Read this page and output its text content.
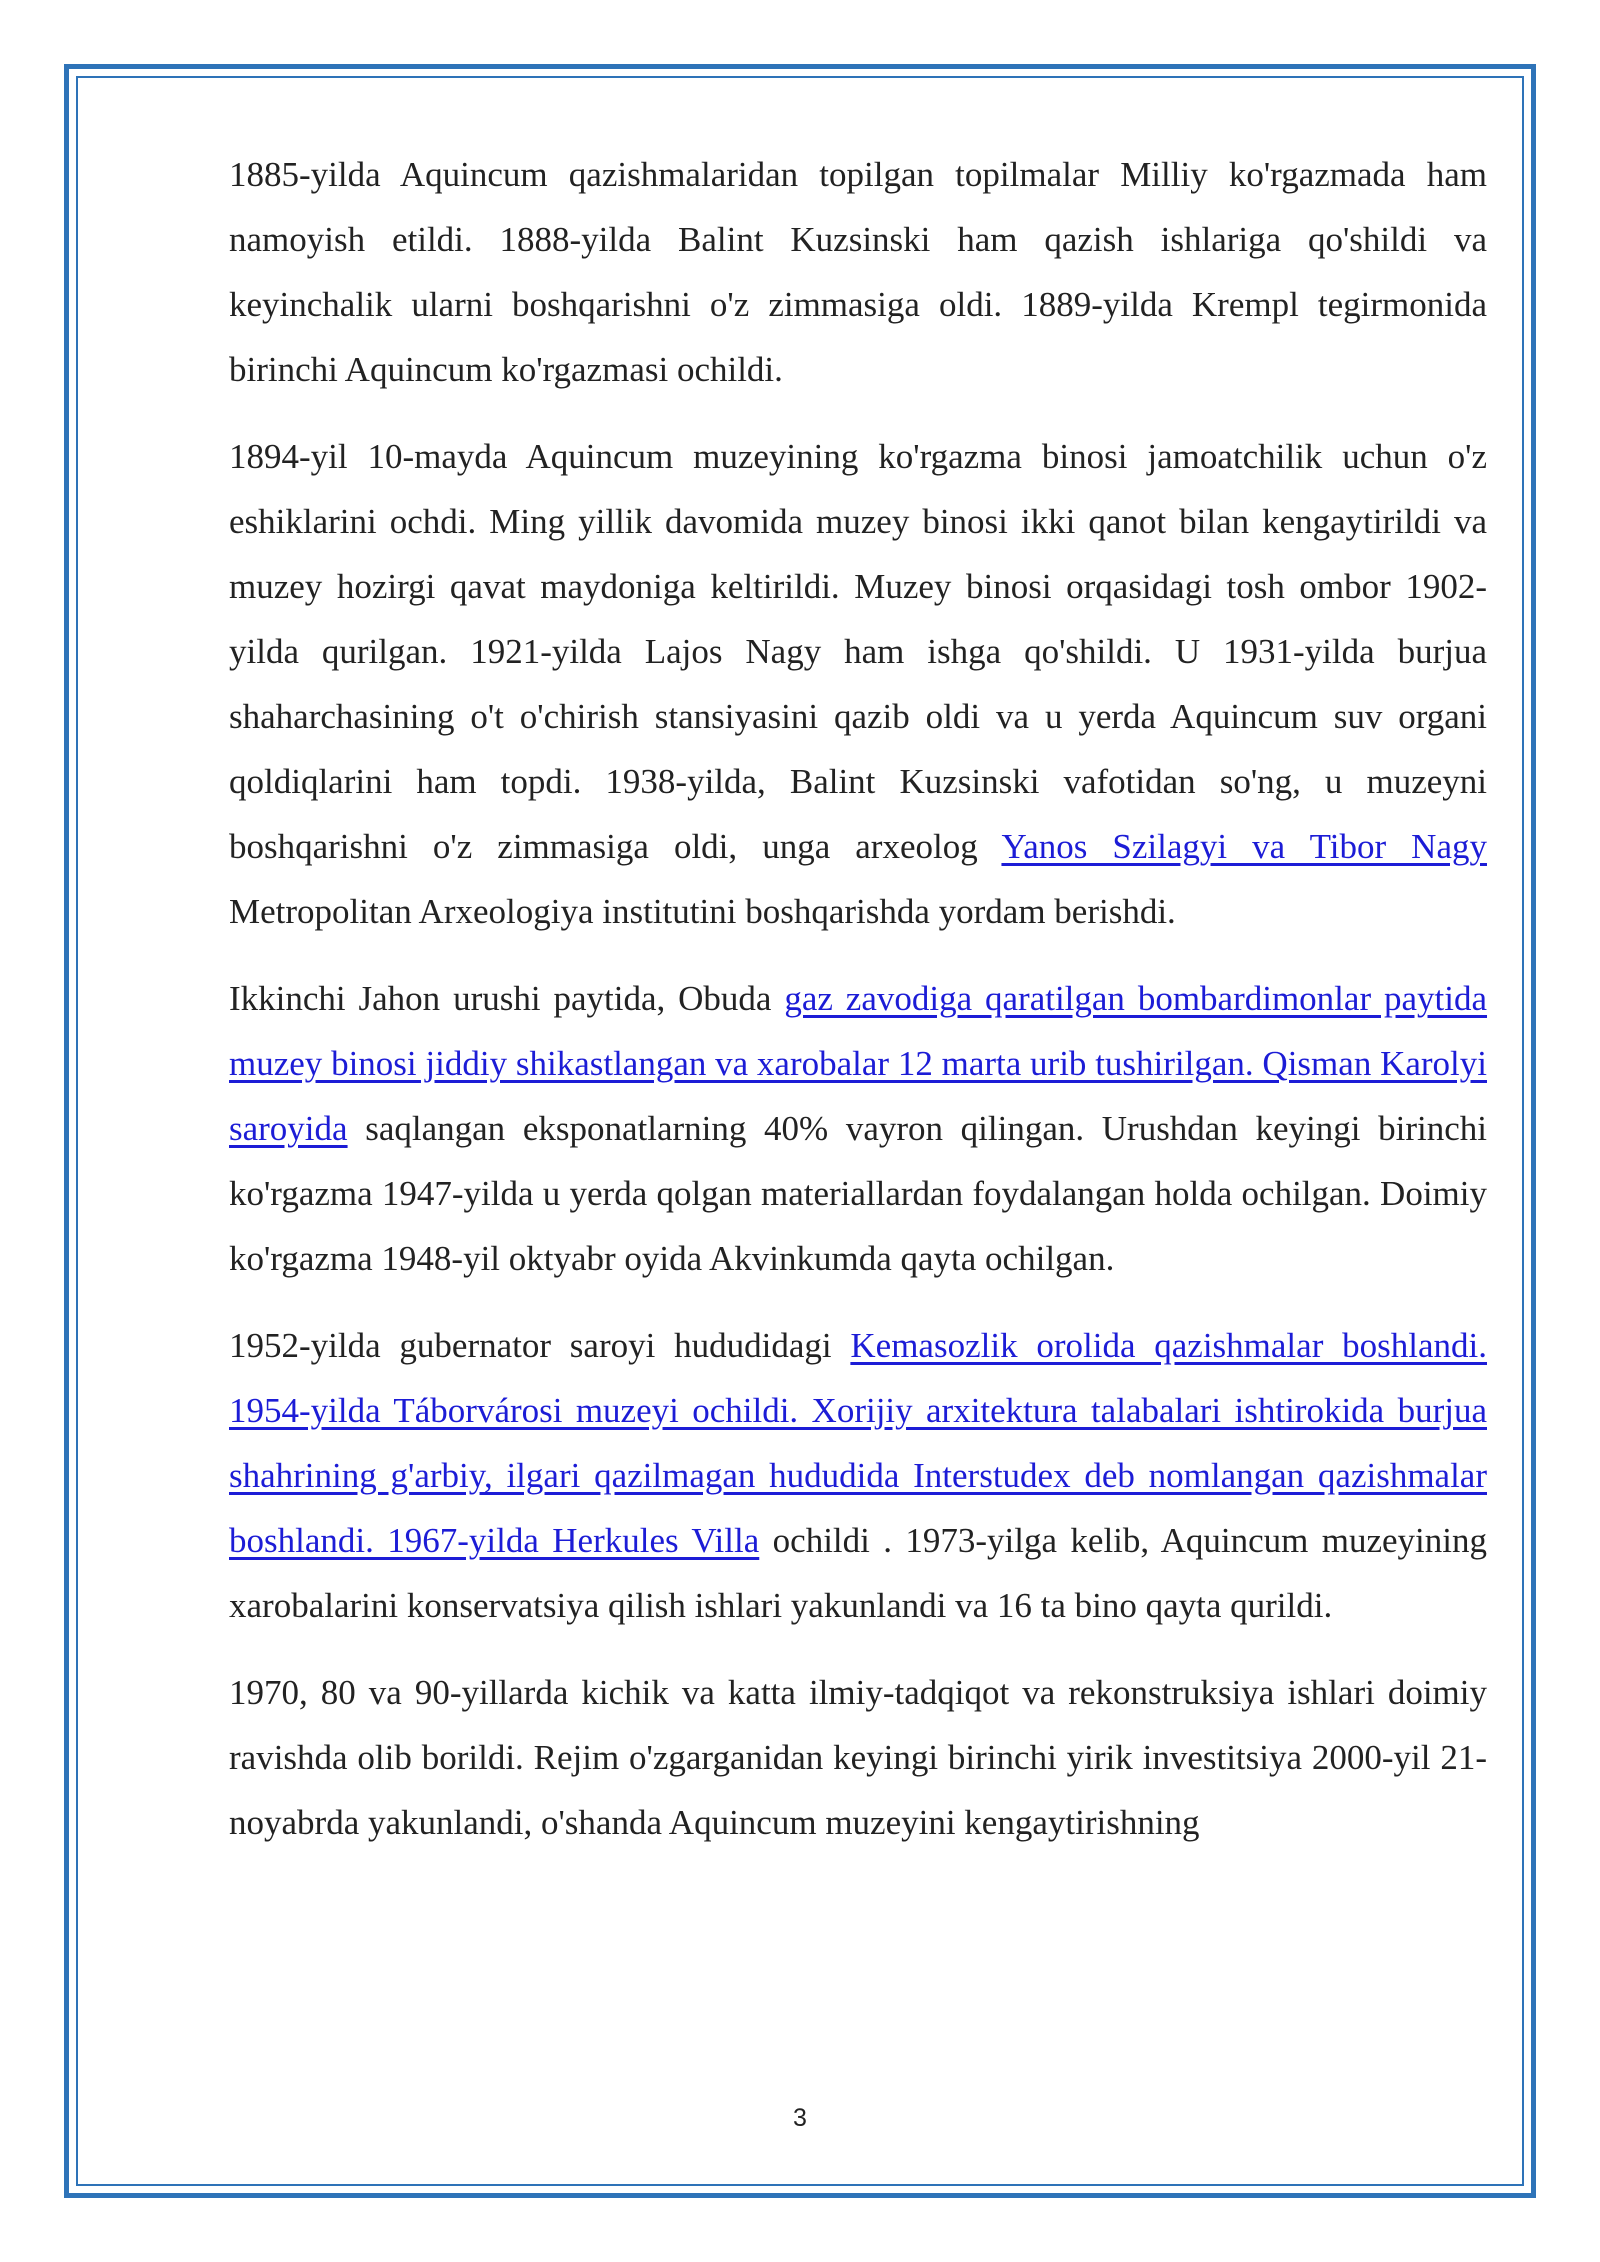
1885-yilda Aquincum qazishmalaridan topilgan topilmalar Milliy ko'rgazmada ham namoyish etildi. 1888-yilda Balint Kuzsinski ham qazish ishlariga qo'shildi va keyinchalik ularni boshqarishni o'z zimmasiga oldi. 1889-yilda Krempl tegirmonida birinchi Aquincum ko'rgazmasi ochildi.

1894-yil 10-mayda Aquincum muzeyining ko'rgazma binosi jamoatchilik uchun o'z eshiklarini ochdi. Ming yillik davomida muzey binosi ikki qanot bilan kengaytirildi va muzey hozirgi qavat maydoniga keltirildi. Muzey binosi orqasidagi tosh ombor 1902-yilda qurilgan. 1921-yilda Lajos Nagy ham ishga qo'shildi. U 1931-yilda burjua shaharchasining o't o'chirish stansiyasini qazib oldi va u yerda Aquincum suv organi qoldiqlarini ham topdi. 1938-yilda, Balint Kuzsinski vafotidan so'ng, u muzeyni boshqarishni o'z zimmasiga oldi, unga arxeolog Yanos Szilagyi va Tibor Nagy Metropolitan Arxeologiya institutini boshqarishda yordam berishdi.

Ikkinchi Jahon urushi paytida, Obuda gaz zavodiga qaratilgan bombardimonlar paytida muzey binosi jiddiy shikastlangan va xarobalar 12 marta urib tushirilgan. Qisman Karolyi saroyida saqlangan eksponatlarning 40% vayron qilingan. Urushdan keyingi birinchi ko'rgazma 1947-yilda u yerda qolgan materiallardan foydalangan holda ochilgan. Doimiy ko'rgazma 1948-yil oktyabr oyida Akvinkumda qayta ochilgan.

1952-yilda gubernator saroyi hududidagi Kemasozlik orolida qazishmalar boshlandi. 1954-yilda Táborvárosi muzeyi ochildi. Xorijiy arxitektura talabalari ishtirokida burjua shahrining g'arbiy, ilgari qazilmagan hududida Interstudex deb nomlangan qazishmalar boshlandi. 1967-yilda Herkules Villa ochildi . 1973-yilga kelib, Aquincum muzeyining xarobalarini konservatsiya qilish ishlari yakunlandi va 16 ta bino qayta qurildi.

1970, 80 va 90-yillarda kichik va katta ilmiy-tadqiqot va rekonstruksiya ishlari doimiy ravishda olib borildi. Rejim o'zgarganidan keyingi birinchi yirik investitsiya 2000-yil 21-noyabrda yakunlandi, o'shanda Aquincum muzeyini kengaytirishning

3
